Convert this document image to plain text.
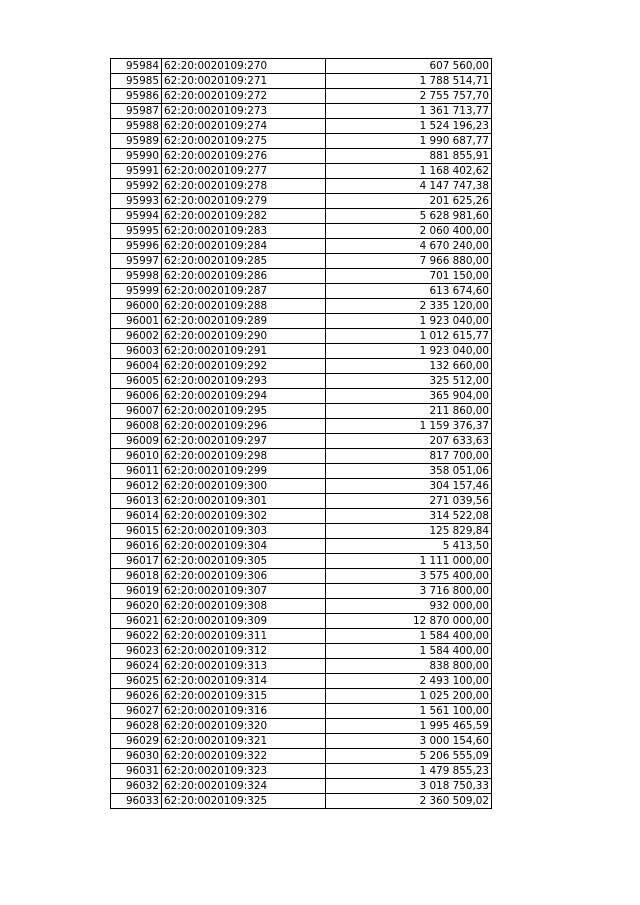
95984	62:20:0020109:270	607 560,00
95985	62:20:0020109:271	1 788 514,71
95986	62:20:0020109:272	2 755 757,70
95987	62:20:0020109:273	1 361 713,77
95988	62:20:0020109:274	1 524 196,23
95989	62:20:0020109:275	1 990 687,77
95990	62:20:0020109:276	881 855,91
95991	62:20:0020109:277	1 168 402,62
95992	62:20:0020109:278	4 147 747,38
95993	62:20:0020109:279	201 625,26
95994	62:20:0020109:282	5 628 981,60
95995	62:20:0020109:283	2 060 400,00
95996	62:20:0020109:284	4 670 240,00
95997	62:20:0020109:285	7 966 880,00
95998	62:20:0020109:286	701 150,00
95999	62:20:0020109:287	613 674,60
96000	62:20:0020109:288	2 335 120,00
96001	62:20:0020109:289	1 923 040,00
96002	62:20:0020109:290	1 012 615,77
96003	62:20:0020109:291	1 923 040,00
96004	62:20:0020109:292	132 660,00
96005	62:20:0020109:293	325 512,00
96006	62:20:0020109:294	365 904,00
96007	62:20:0020109:295	211 860,00
96008	62:20:0020109:296	1 159 376,37
96009	62:20:0020109:297	207 633,63
96010	62:20:0020109:298	817 700,00
96011	62:20:0020109:299	358 051,06
96012	62:20:0020109:300	304 157,46
96013	62:20:0020109:301	271 039,56
96014	62:20:0020109:302	314 522,08
96015	62:20:0020109:303	125 829,84
96016	62:20:0020109:304	5 413,50
96017	62:20:0020109:305	1 111 000,00
96018	62:20:0020109:306	3 575 400,00
96019	62:20:0020109:307	3 716 800,00
96020	62:20:0020109:308	932 000,00
96021	62:20:0020109:309	12 870 000,00
96022	62:20:0020109:311	1 584 400,00
96023	62:20:0020109:312	1 584 400,00
96024	62:20:0020109:313	838 800,00
96025	62:20:0020109:314	2 493 100,00
96026	62:20:0020109:315	1 025 200,00
96027	62:20:0020109:316	1 561 100,00
96028	62:20:0020109:320	1 995 465,59
96029	62:20:0020109:321	3 000 154,60
96030	62:20:0020109:322	5 206 555,09
96031	62:20:0020109:323	1 479 855,23
96032	62:20:0020109:324	3 018 750,33
96033	62:20:0020109:325	2 360 509,02
